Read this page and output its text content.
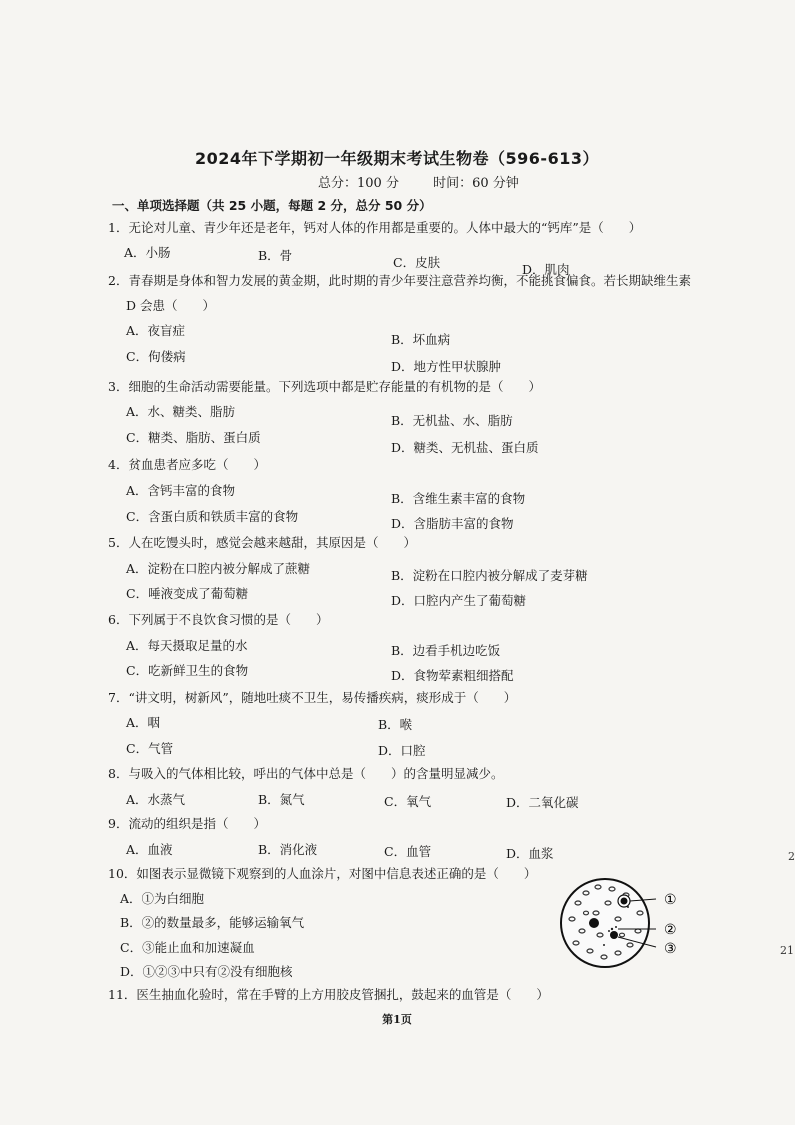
2024年下学期初一年级期末考试生物卷（596-613）
总分：100 分	时间：60 分钟
一、单项选择题（共 25 小题，每题 2 分，总分 50 分）
1．无论对儿童、青少年还是老年，钙对人体的作用都是重要的。人体中最大的“钙库”是（　　）
A．小肠	B．骨	C．皮肤	D．肌肉
2．青春期是身体和智力发展的黄金期，此时期的青少年要注意营养均衡，不能挑食偏食。若长期缺维生素
D 会患（　　）
A．夜盲症
B．坏血病
C．佝偻病
D．地方性甲状腺肿
3．细胞的生命活动需要能量。下列选项中都是贮存能量的有机物的是（　　）
A．水、糖类、脂肪
B．无机盐、水、脂肪
C．糖类、脂肪、蛋白质
D．糖类、无机盐、蛋白质
4．贫血患者应多吃（　　）
A．含钙丰富的食物
B．含维生素丰富的食物
C．含蛋白质和铁质丰富的食物	D．含脂肪丰富的食物
5．人在吃馒头时，感觉会越来越甜，其原因是（　　）
A．淀粉在口腔内被分解成了蔗糖	B．淀粉在口腔内被分解成了麦芽糖
C．唾液变成了葡萄糖	D．口腔内产生了葡萄糖
6．下列属于不良饮食习惯的是（　　）
A．每天摄取足量的水	B．边看手机边吃饭
C．吃新鲜卫生的食物	D．食物荤素粗细搭配
7．“讲文明，树新风”，随地吐痰不卫生，易传播疾病，痰形成于（　　）
A．咽	B．喉
C．气管	D．口腔
8．与吸入的气体相比较，呼出的气体中总是（　　）的含量明显减少。
A．水蒸气	B．氮气	C．氧气	D．二氧化碳
9．流动的组织是指（　　）
A．血液	B．消化液	C．血管	D．血浆
10．如图表示显微镜下观察到的人血涂片，对图中信息表述正确的是（　　）
A．①为白细胞
B．②的数量最多，能够运输氧气
C．③能止血和加速凝血
D．①②③中只有②没有细胞核
11．医生抽血化验时，常在手臂的上方用胶皮管捆扎，鼓起来的血管是（　　）
①
②
③
2
21
第1页
